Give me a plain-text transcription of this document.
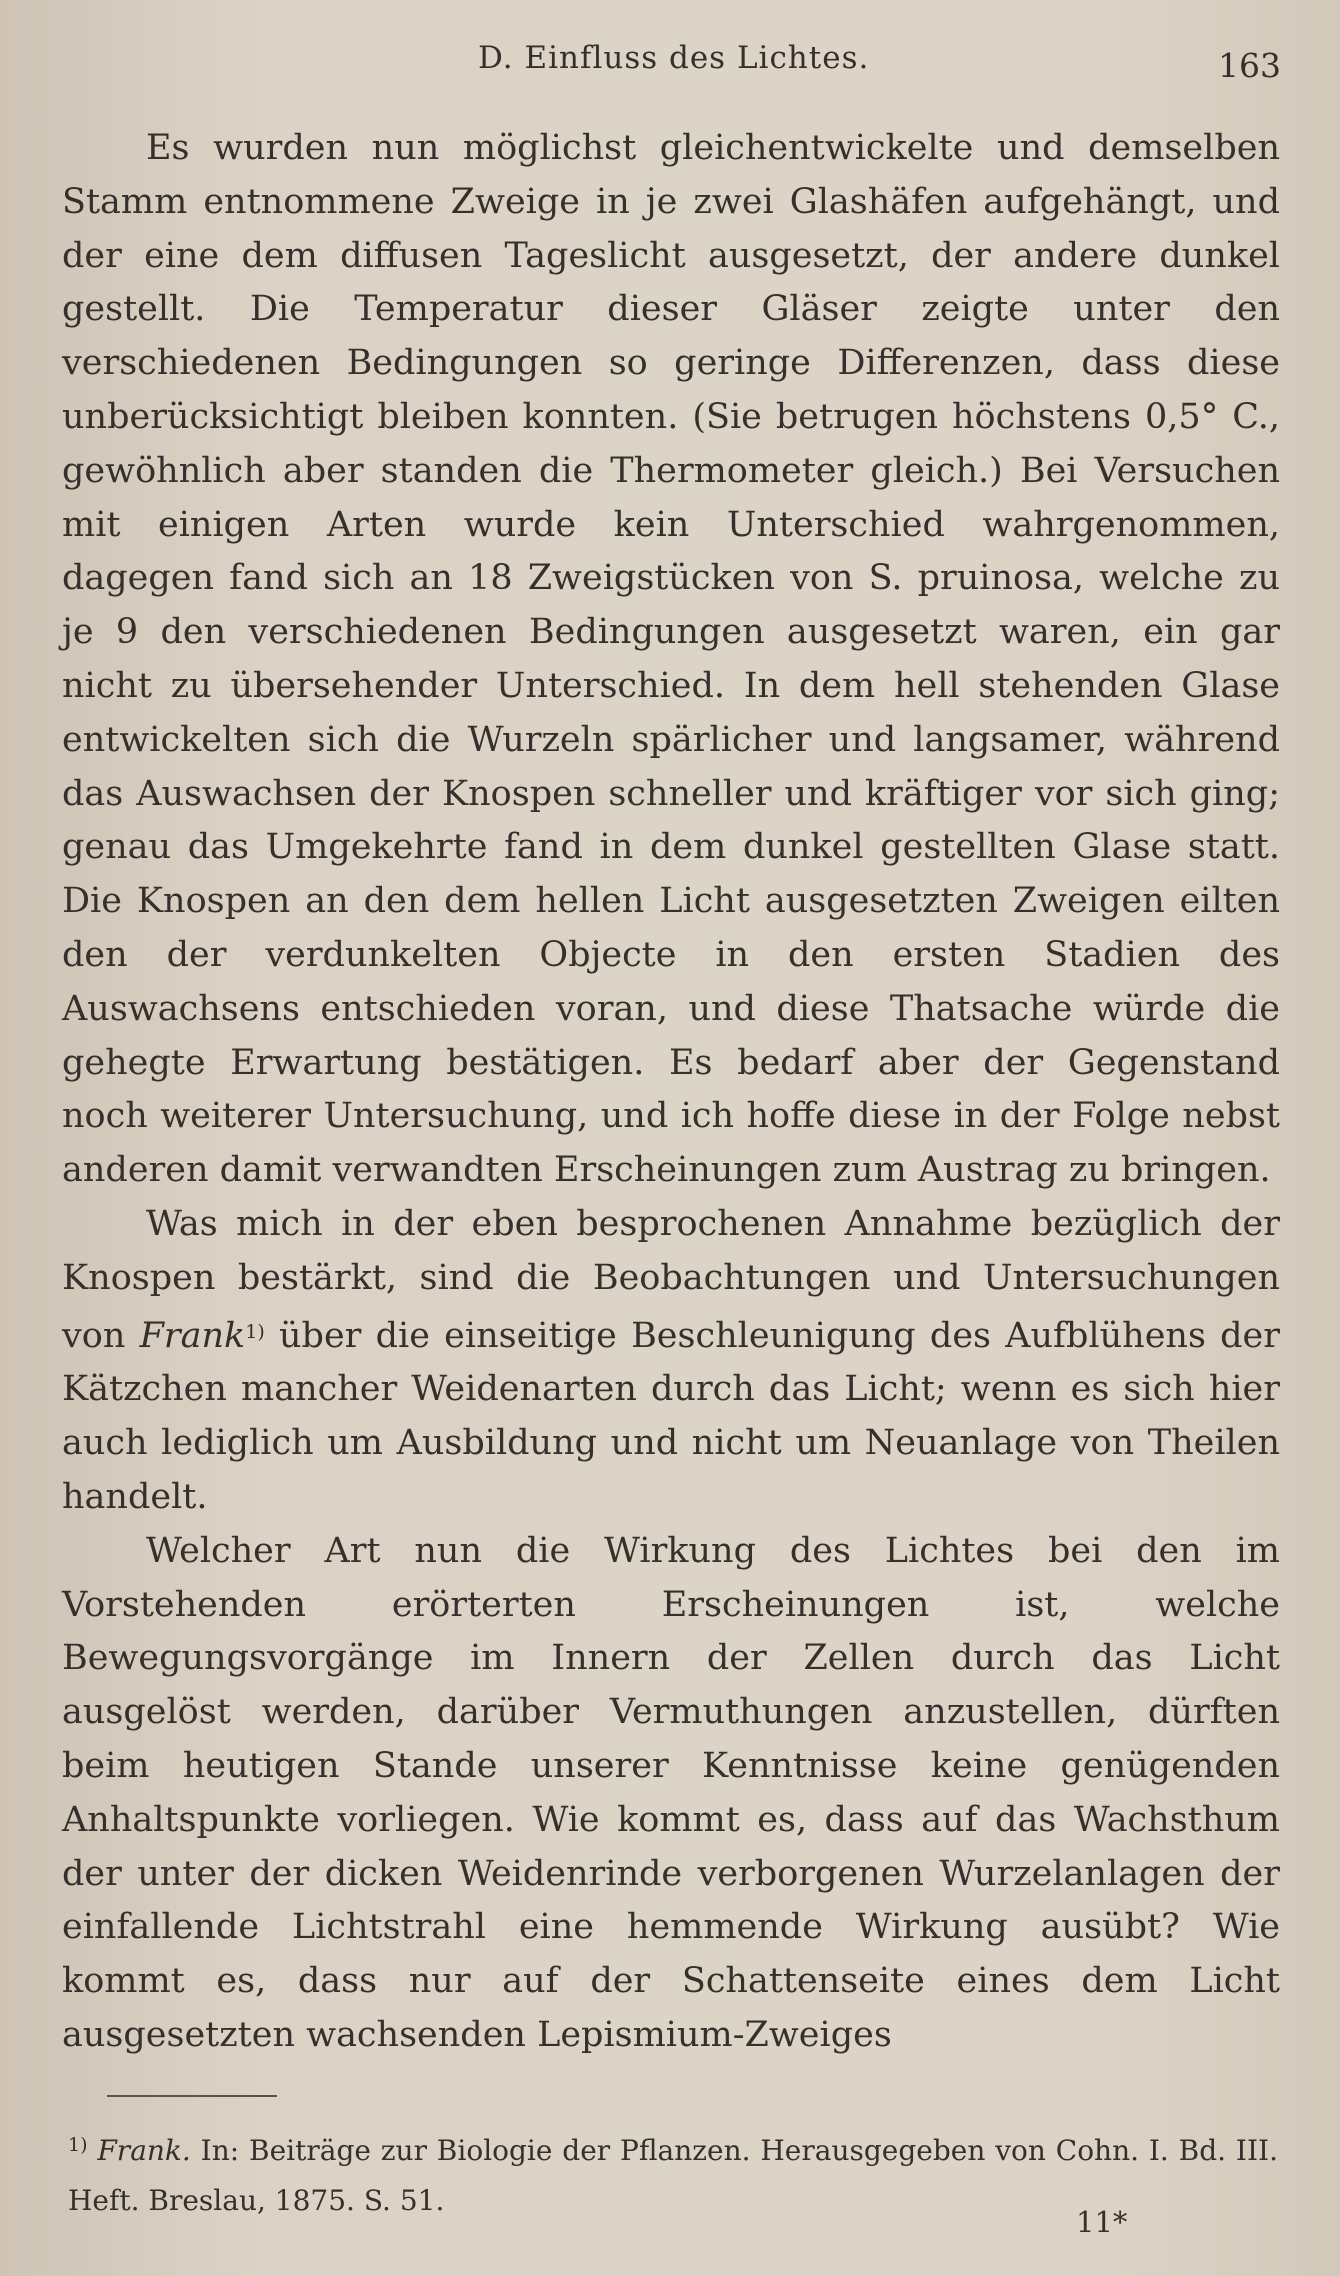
D. Einfluss des Lichtes.	163

Es wurden nun möglichst gleichentwickelte und demselben Stamm entnommene Zweige in je zwei Glashäfen aufgehängt, und der eine dem diffusen Tageslicht ausgesetzt, der andere dunkel gestellt. Die Temperatur dieser Gläser zeigte unter den verschiedenen Bedingungen so geringe Differenzen, dass diese unberücksichtigt bleiben konnten. (Sie betrugen höchstens 0,5° C., gewöhnlich aber standen die Thermometer gleich.) Bei Versuchen mit einigen Arten wurde kein Unterschied wahrgenommen, dagegen fand sich an 18 Zweigstücken von S. pruinosa, welche zu je 9 den verschiedenen Bedingungen ausgesetzt waren, ein gar nicht zu übersehender Unterschied. In dem hell stehenden Glase entwickelten sich die Wurzeln spärlicher und langsamer, während das Auswachsen der Knospen schneller und kräftiger vor sich ging; genau das Umgekehrte fand in dem dunkel gestellten Glase statt. Die Knospen an den dem hellen Licht ausgesetzten Zweigen eilten den der verdunkelten Objecte in den ersten Stadien des Auswachsens entschieden voran, und diese Thatsache würde die gehegte Erwartung bestätigen. Es bedarf aber der Gegenstand noch weiterer Untersuchung, und ich hoffe diese in der Folge nebst anderen damit verwandten Erscheinungen zum Austrag zu bringen.

Was mich in der eben besprochenen Annahme bezüglich der Knospen bestärkt, sind die Beobachtungen und Untersuchungen von Frank$^{1)}$ über die einseitige Beschleunigung des Aufblühens der Kätzchen mancher Weidenarten durch das Licht; wenn es sich hier auch lediglich um Ausbildung und nicht um Neuanlage von Theilen handelt.

Welcher Art nun die Wirkung des Lichtes bei den im Vorstehenden erörterten Erscheinungen ist, welche Bewegungsvorgänge im Innern der Zellen durch das Licht ausgelöst werden, darüber Vermuthungen anzustellen, dürften beim heutigen Stande unserer Kenntnisse keine genügenden Anhaltspunkte vorliegen. Wie kommt es, dass auf das Wachsthum der unter der dicken Weidenrinde verborgenen Wurzelanlagen der einfallende Lichtstrahl eine hemmende Wirkung ausübt? Wie kommt es, dass nur auf der Schattenseite eines dem Licht ausgesetzten wachsenden Lepismium-Zweiges

$^{1)}$ Frank. In: Beiträge zur Biologie der Pflanzen. Herausgegeben von Cohn. I. Bd. III. Heft. Breslau, 1875. S. 51.
11*
